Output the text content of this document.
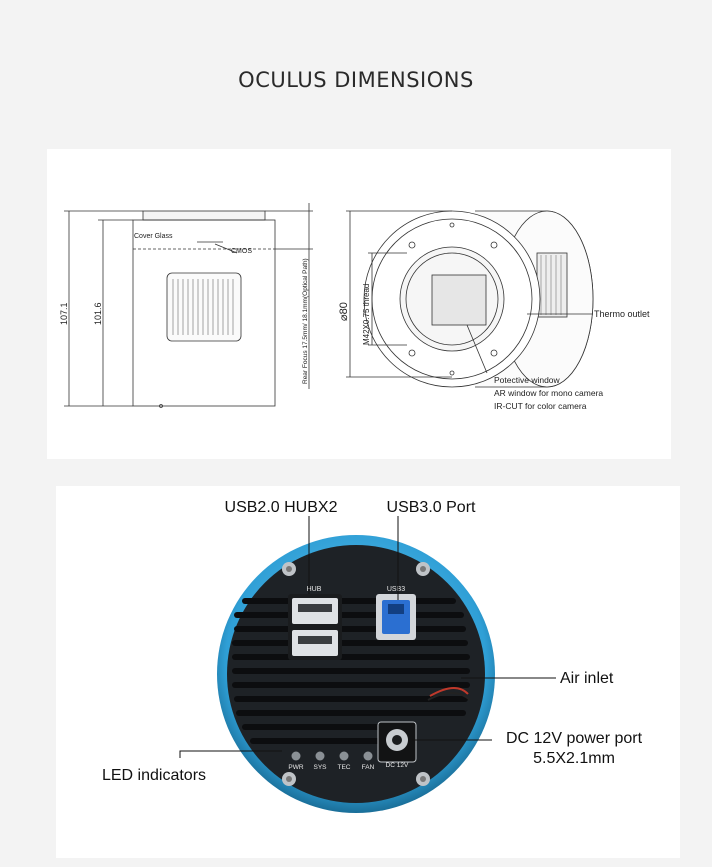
OCULUS DIMENSIONS
Cover Glass
CMOS
107.1	101.6	Rear Focus 17.5mm/ 18.1mm(Optical Path)	⌀80 M42X0.75 thread	Thermo outlet
Potective window
AR window for mono camera
IR-CUT for color camera
HUB	USB3
DC 12V
PWR SYS TEC FAN
USB2.0 HUBX2	USB3.0 Port
Air inlet
DC 12V power port
5.5X2.1mm
LED indicators
